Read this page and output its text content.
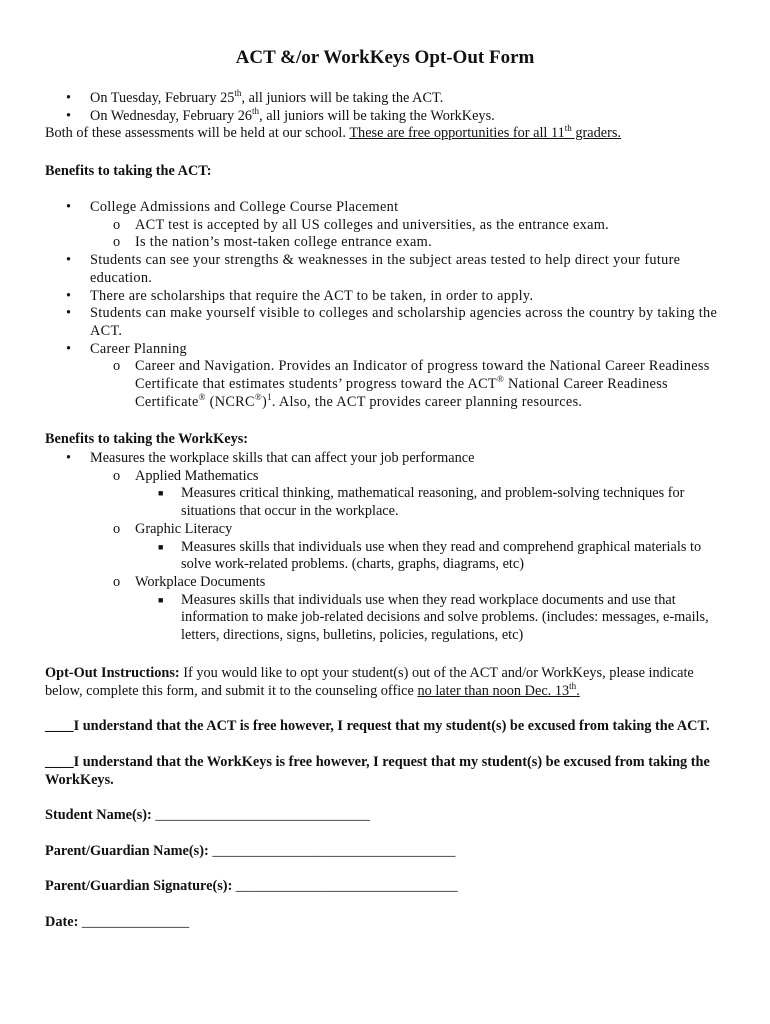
ACT &/or WorkKeys Opt-Out Form
• On Tuesday, February 25th, all juniors will be taking the ACT.
• On Wednesday, February 26th, all juniors will be taking the WorkKeys.
Both of these assessments will be held at our school. These are free opportunities for all 11th graders.
Benefits to taking the ACT:
• College Admissions and College Course Placement
o ACT test is accepted by all US colleges and universities, as the entrance exam.
o Is the nation’s most-taken college entrance exam.
• Students can see your strengths & weaknesses in the subject areas tested to help direct your future education.
• There are scholarships that require the ACT to be taken, in order to apply.
• Students can make yourself visible to colleges and scholarship agencies across the country by taking the ACT.
• Career Planning
o Career and Navigation. Provides an Indicator of progress toward the National Career Readiness Certificate that estimates students’ progress toward the ACT® National Career Readiness Certificate® (NCRC®)$^1$. Also, the ACT provides career planning resources.
Benefits to taking the WorkKeys:
• Measures the workplace skills that can affect your job performance
o Applied Mathematics
■ Measures critical thinking, mathematical reasoning, and problem-solving techniques for situations that occur in the workplace.
o Graphic Literacy
■ Measures skills that individuals use when they read and comprehend graphical materials to solve work-related problems. (charts, graphs, diagrams, etc)
o Workplace Documents
■ Measures skills that individuals use when they read workplace documents and use that information to make job-related decisions and solve problems. (includes: messages, e-mails, letters, directions, signs, bulletins, policies, regulations, etc)
Opt-Out Instructions: If you would like to opt your student(s) out of the ACT and/or WorkKeys, please indicate below, complete this form, and submit it to the counseling office no later than noon Dec. 13th.
____I understand that the ACT is free however, I request that my student(s) be excused from taking the ACT.
____I understand that the WorkKeys is free however, I request that my student(s) be excused from taking the WorkKeys.
Student Name(s): ______________________________
Parent/Guardian Name(s): __________________________________
Parent/Guardian Signature(s): _______________________________
Date: _______________
